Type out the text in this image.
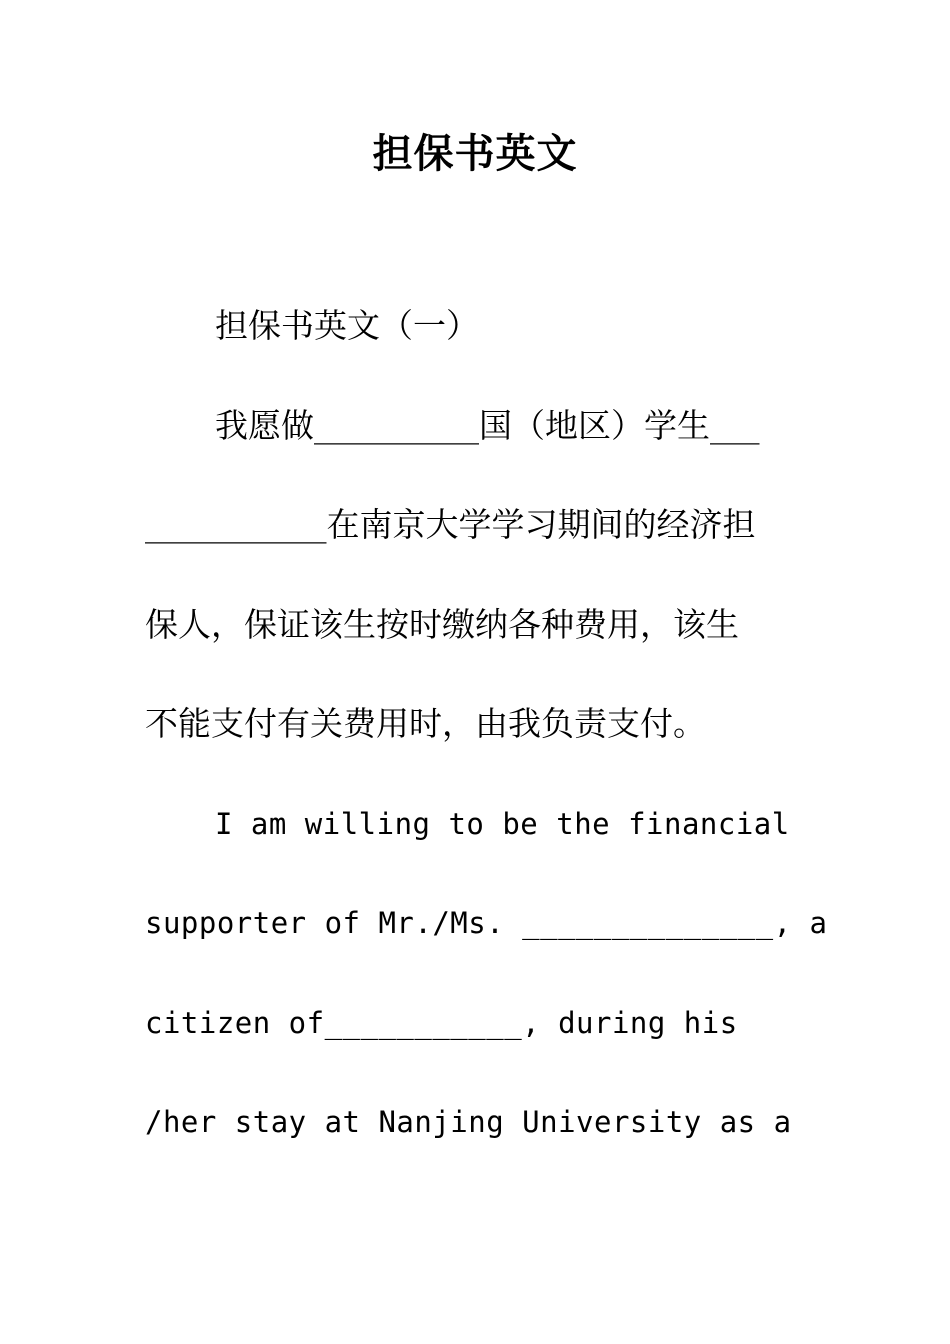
担保书英文

担保书英文（一）

我愿做__________国（地区）学生___

___________在南京大学学习期间的经济担

保人，保证该生按时缴纳各种费用，该生

不能支付有关费用时，由我负责支付。

I am willing to be the financial

supporter of Mr./Ms. ______________, a

citizen of___________, during his

/her stay at Nanjing University as a
